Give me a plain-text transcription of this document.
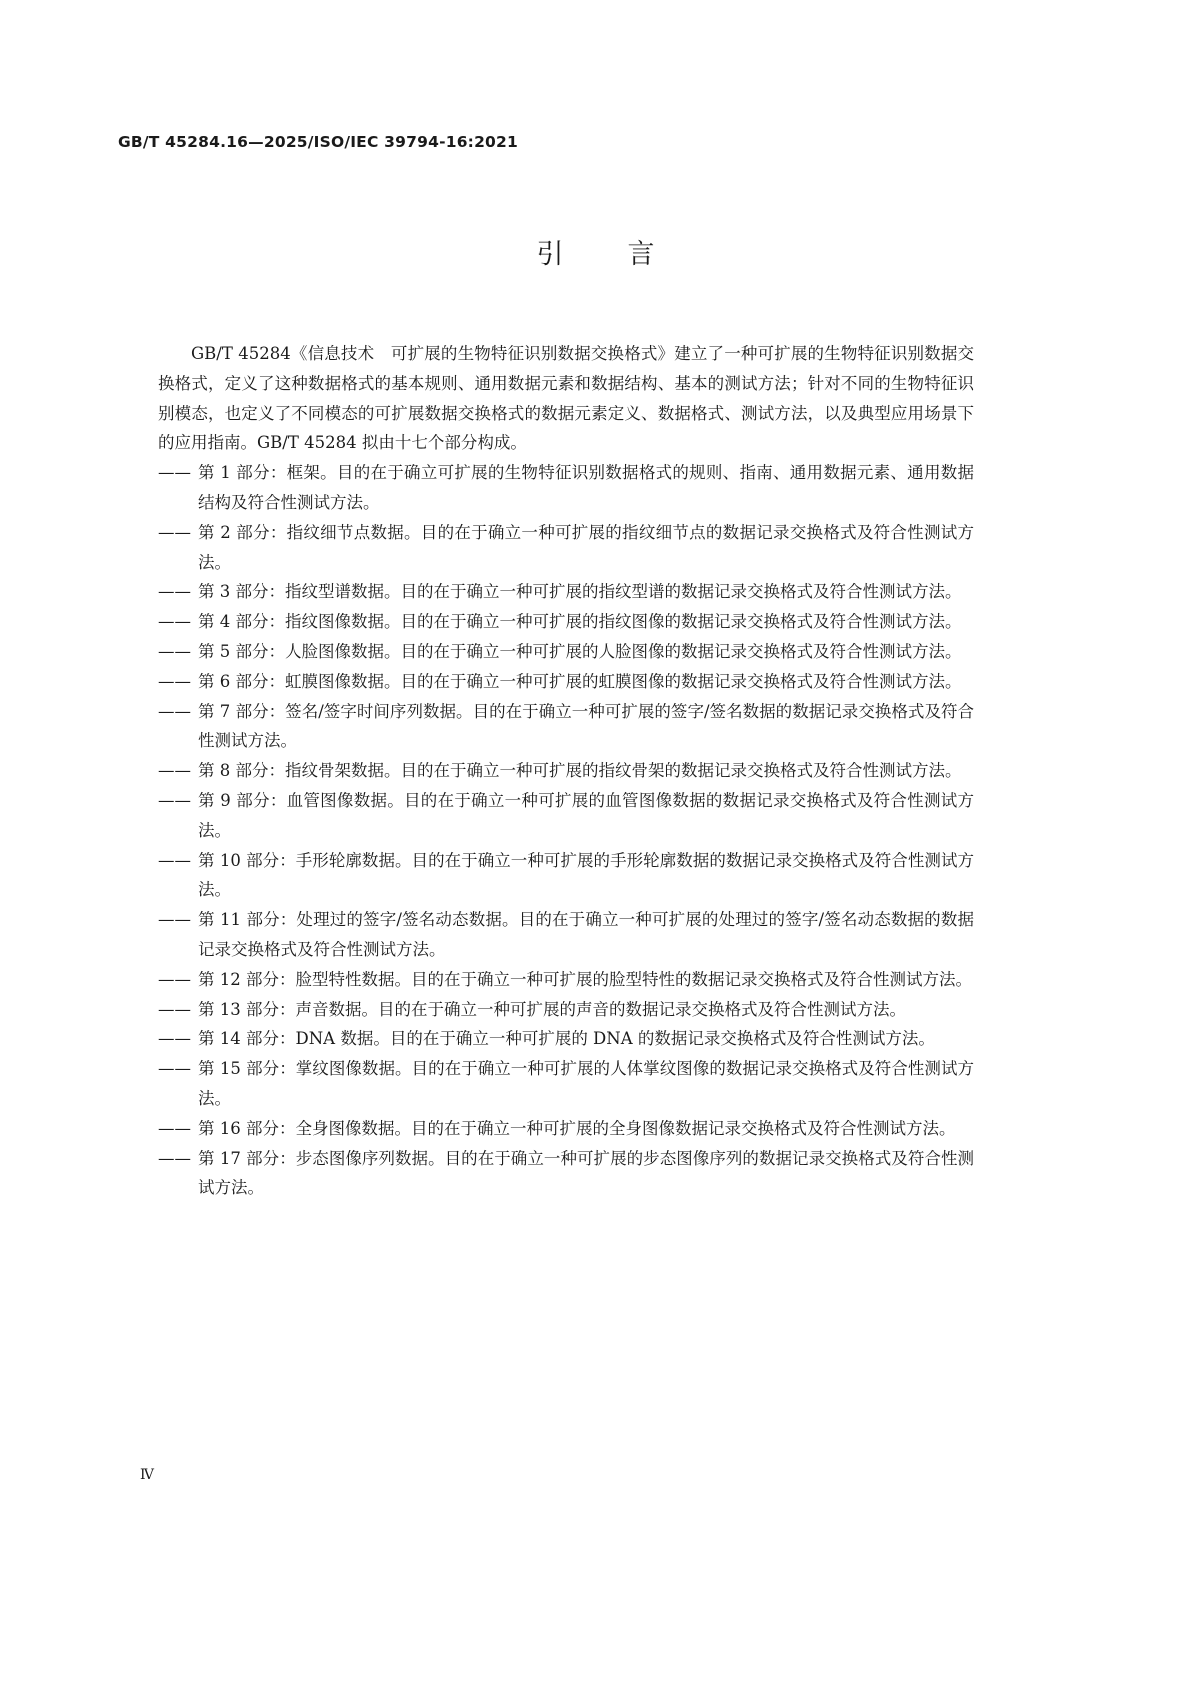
GB/T 45284.16—2025/ISO/IEC 39794-16:2021
引言

GB/T 45284《信息技术　可扩展的生物特征识别数据交换格式》建立了一种可扩展的生物特征识别数据交换格式，定义了这种数据格式的基本规则、通用数据元素和数据结构、基本的测试方法；针对不同的生物特征识别模态，也定义了不同模态的可扩展数据交换格式的数据元素定义、数据格式、测试方法，以及典型应用场景下的应用指南。GB/T 45284 拟由十七个部分构成。

—— 第 1 部分：框架。目的在于确立可扩展的生物特征识别数据格式的规则、指南、通用数据元素、通用数据结构及符合性测试方法。
—— 第 2 部分：指纹细节点数据。目的在于确立一种可扩展的指纹细节点的数据记录交换格式及符合性测试方法。
—— 第 3 部分：指纹型谱数据。目的在于确立一种可扩展的指纹型谱的数据记录交换格式及符合性测试方法。
—— 第 4 部分：指纹图像数据。目的在于确立一种可扩展的指纹图像的数据记录交换格式及符合性测试方法。
—— 第 5 部分：人脸图像数据。目的在于确立一种可扩展的人脸图像的数据记录交换格式及符合性测试方法。
—— 第 6 部分：虹膜图像数据。目的在于确立一种可扩展的虹膜图像的数据记录交换格式及符合性测试方法。
—— 第 7 部分：签名/签字时间序列数据。目的在于确立一种可扩展的签字/签名数据的数据记录交换格式及符合性测试方法。
—— 第 8 部分：指纹骨架数据。目的在于确立一种可扩展的指纹骨架的数据记录交换格式及符合性测试方法。
—— 第 9 部分：血管图像数据。目的在于确立一种可扩展的血管图像数据的数据记录交换格式及符合性测试方法。
—— 第 10 部分：手形轮廓数据。目的在于确立一种可扩展的手形轮廓数据的数据记录交换格式及符合性测试方法。
—— 第 11 部分：处理过的签字/签名动态数据。目的在于确立一种可扩展的处理过的签字/签名动态数据的数据记录交换格式及符合性测试方法。
—— 第 12 部分：脸型特性数据。目的在于确立一种可扩展的脸型特性的数据记录交换格式及符合性测试方法。
—— 第 13 部分：声音数据。目的在于确立一种可扩展的声音的数据记录交换格式及符合性测试方法。
—— 第 14 部分：DNA 数据。目的在于确立一种可扩展的 DNA 的数据记录交换格式及符合性测试方法。
—— 第 15 部分：掌纹图像数据。目的在于确立一种可扩展的人体掌纹图像的数据记录交换格式及符合性测试方法。
—— 第 16 部分：全身图像数据。目的在于确立一种可扩展的全身图像数据记录交换格式及符合性测试方法。
—— 第 17 部分：步态图像序列数据。目的在于确立一种可扩展的步态图像序列的数据记录交换格式及符合性测试方法。
Ⅳ
